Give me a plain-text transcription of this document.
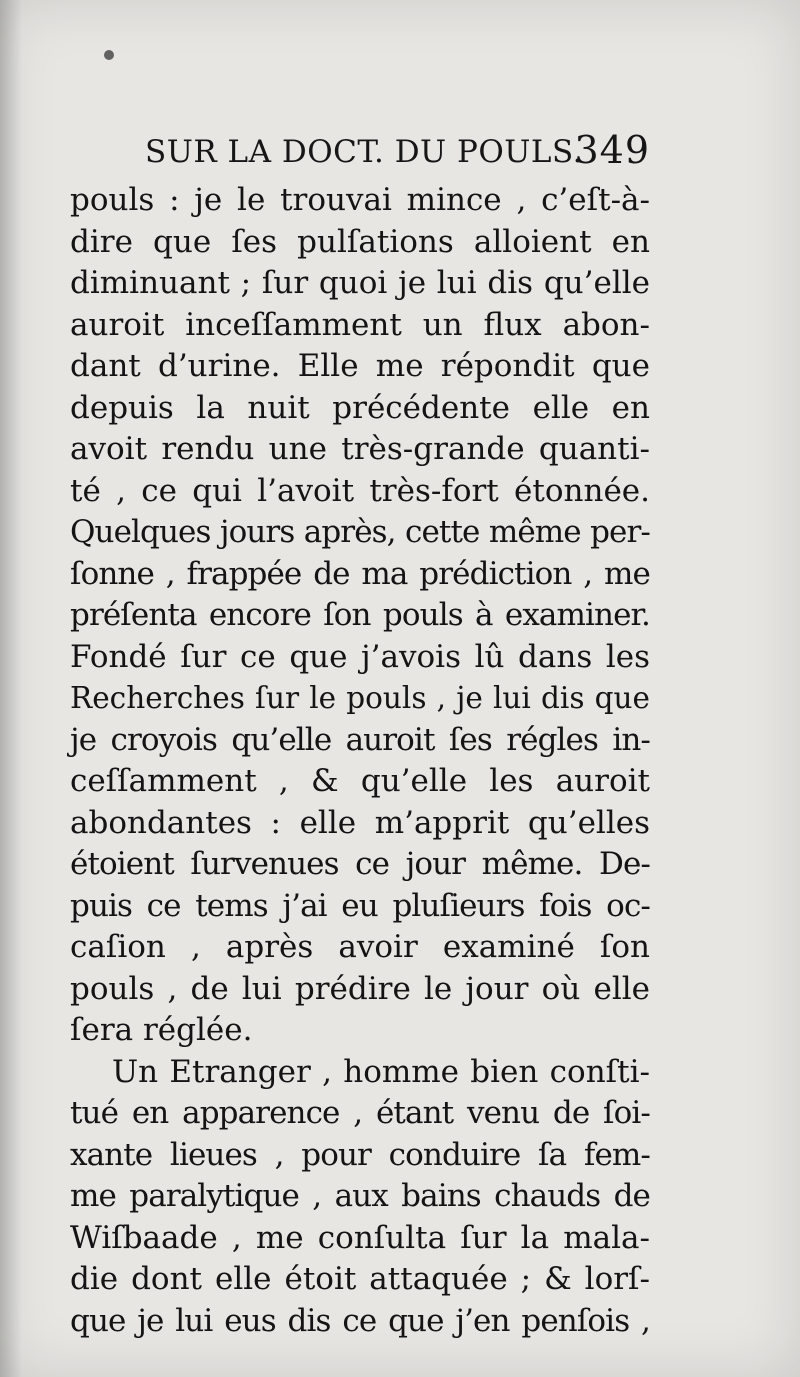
SUR LA DOCT. DU POULS.
349
pouls : je le trouvai mince , c’eſt-à-
dire que ſes pulſations alloient en
diminuant ; ſur quoi je lui dis qu’elle
auroit inceſſamment un flux abon-
dant d’urine. Elle me répondit que
depuis la nuit précédente elle en
avoit rendu une très-grande quanti-
té , ce qui l’avoit très-fort étonnée.
Quelques jours après, cette même per-
ſonne , frappée de ma prédiction , me
préſenta encore ſon pouls à examiner.
Fondé ſur ce que j’avois lû dans les
Recherches ſur le pouls , je lui dis que
je croyois qu’elle auroit ſes régles in-
ceſſamment , & qu’elle les auroit
abondantes : elle m’apprit qu’elles
étoient ſurvenues ce jour même. De-
puis ce tems j’ai eu pluſieurs fois oc-
caſion , après avoir examiné ſon
pouls , de lui prédire le jour où elle
ſera réglée.
Un Etranger , homme bien conſti-
tué en apparence , étant venu de ſoi-
xante lieues , pour conduire ſa fem-
me paralytique , aux bains chauds de
Wiſbaade , me conſulta ſur la mala-
die dont elle étoit attaquée ; & lorſ-
que je lui eus dis ce que j’en penſois ,
